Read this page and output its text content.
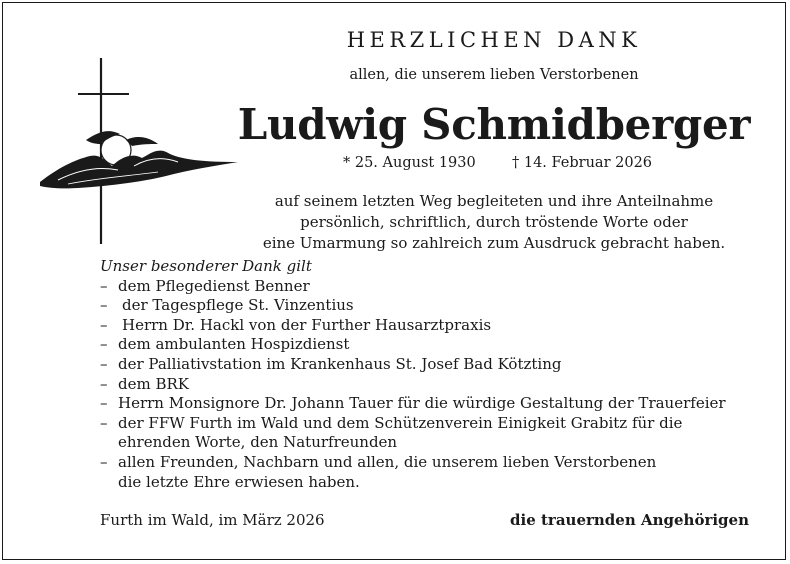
HERZLICHEN DANK
allen, die unserem lieben Verstorbenen
Ludwig Schmidberger
* 25. August 1930	† 14. Februar 2026
auf seinem letzten Weg begleiteten und ihre Anteilnahme
persönlich, schriftlich, durch tröstende Worte oder
eine Umarmung so zahlreich zum Ausdruck gebracht haben.
Unser besonderer Dank gilt
– dem Pflegedienst Benner
– der Tagespflege St. Vinzentius
– Herrn Dr. Hackl von der Further Hausarztpraxis
– dem ambulanten Hospizdienst
– der Palliativstation im Krankenhaus St. Josef Bad Kötzting
– dem BRK
– Herrn Monsignore Dr. Johann Tauer für die würdige Gestaltung der Trauerfeier
– der FFW Furth im Wald und dem Schützenverein Einigkeit Grabitz für die
ehrenden Worte, den Naturfreunden
– allen Freunden, Nachbarn und allen, die unserem lieben Verstorbenen
die letzte Ehre erwiesen haben.
Furth im Wald, im März 2026	die trauernden Angehörigen
